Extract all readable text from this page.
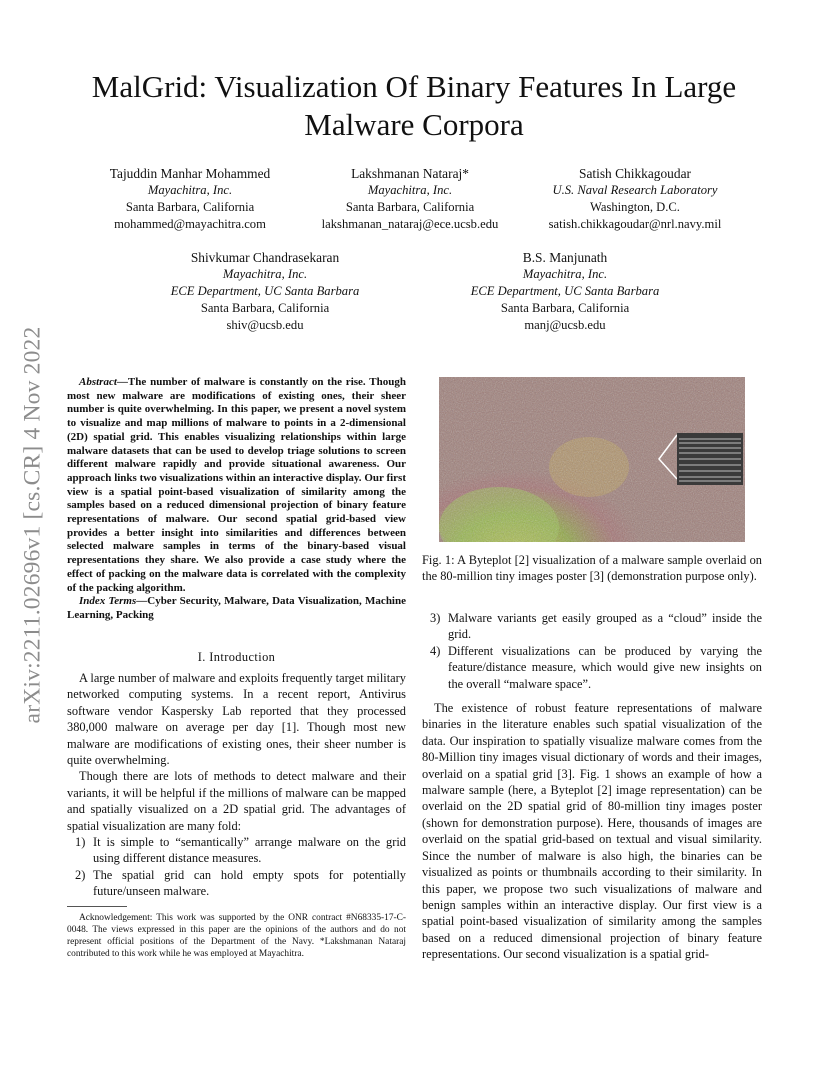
arXiv:2211.02696v1 [cs.CR] 4 Nov 2022
MalGrid: Visualization Of Binary Features In Large Malware Corpora
Tajuddin Manhar Mohammed
Mayachitra, Inc.
Santa Barbara, California
mohammed@mayachitra.com
Lakshmanan Nataraj*
Mayachitra, Inc.
Santa Barbara, California
lakshmanan_nataraj@ece.ucsb.edu
Satish Chikkagoudar
U.S. Naval Research Laboratory
Washington, D.C.
satish.chikkagoudar@nrl.navy.mil
Shivkumar Chandrasekaran
Mayachitra, Inc.
ECE Department, UC Santa Barbara
Santa Barbara, California
shiv@ucsb.edu
B.S. Manjunath
Mayachitra, Inc.
ECE Department, UC Santa Barbara
Santa Barbara, California
manj@ucsb.edu
Abstract—The number of malware is constantly on the rise. Though most new malware are modifications of existing ones, their sheer number is quite overwhelming. In this paper, we present a novel system to visualize and map millions of malware to points in a 2-dimensional (2D) spatial grid. This enables visualizing relationships within large malware datasets that can be used to develop triage solutions to screen different malware rapidly and provide situational awareness. Our approach links two visualizations within an interactive display. Our first view is a spatial point-based visualization of similarity among the samples based on a reduced dimensional projection of binary feature representations of malware. Our second spatial grid-based view provides a better insight into similarities and differences between selected malware samples in terms of the binary-based visual representations they share. We also provide a case study where the effect of packing on the malware data is correlated with the complexity of the packing algorithm.
Index Terms—Cyber Security, Malware, Data Visualization, Machine Learning, Packing
I. Introduction

A large number of malware and exploits frequently target military networked computing systems. In a recent report, Antivirus software vendor Kaspersky Lab reported that they processed 380,000 malware on average per day [1]. Though most new malware are modifications of existing ones, their sheer number is quite overwhelming.

Though there are lots of methods to detect malware and their variants, it will be helpful if the millions of malware can be mapped and spatially visualized on a 2D spatial grid. The advantages of spatial visualization are many fold:

1) It is simple to “semantically” arrange malware on the grid using different distance measures.
2) The spatial grid can hold empty spots for potentially future/unseen malware.
Acknowledgement: This work was supported by the ONR contract #N68335-17-C-0048. The views expressed in this paper are the opinions of the authors and do not represent official positions of the Department of the Navy. *Lakshmanan Nataraj contributed to this work while he was employed at Mayachitra.
Fig. 1: A Byteplot [2] visualization of a malware sample overlaid on the 80-million tiny images poster [3] (demonstration purpose only).
3) Malware variants get easily grouped as a “cloud” inside the grid.
4) Different visualizations can be produced by varying the feature/distance measure, which would give new insights on the overall “malware space”.

The existence of robust feature representations of malware binaries in the literature enables such spatial visualization of the data. Our inspiration to spatially visualize malware comes from the 80-Million tiny images visual dictionary of words and their images, overlaid on a spatial grid [3]. Fig. 1 shows an example of how a malware sample (here, a Byteplot [2] image representation) can be overlaid on the 2D spatial grid of 80-million tiny images poster (shown for demonstration purpose). Here, thousands of images are overlaid on the spatial grid-based on textual and visual similarity. Since the number of malware is also high, the binaries can be visualized as points or thumbnails according to their similarity. In this paper, we propose two such visualizations of malware and benign samples within an interactive display. Our first view is a spatial point-based visualization of similarity among the samples based on a reduced dimensional projection of binary feature representations. Our second visualization is a spatial grid-
